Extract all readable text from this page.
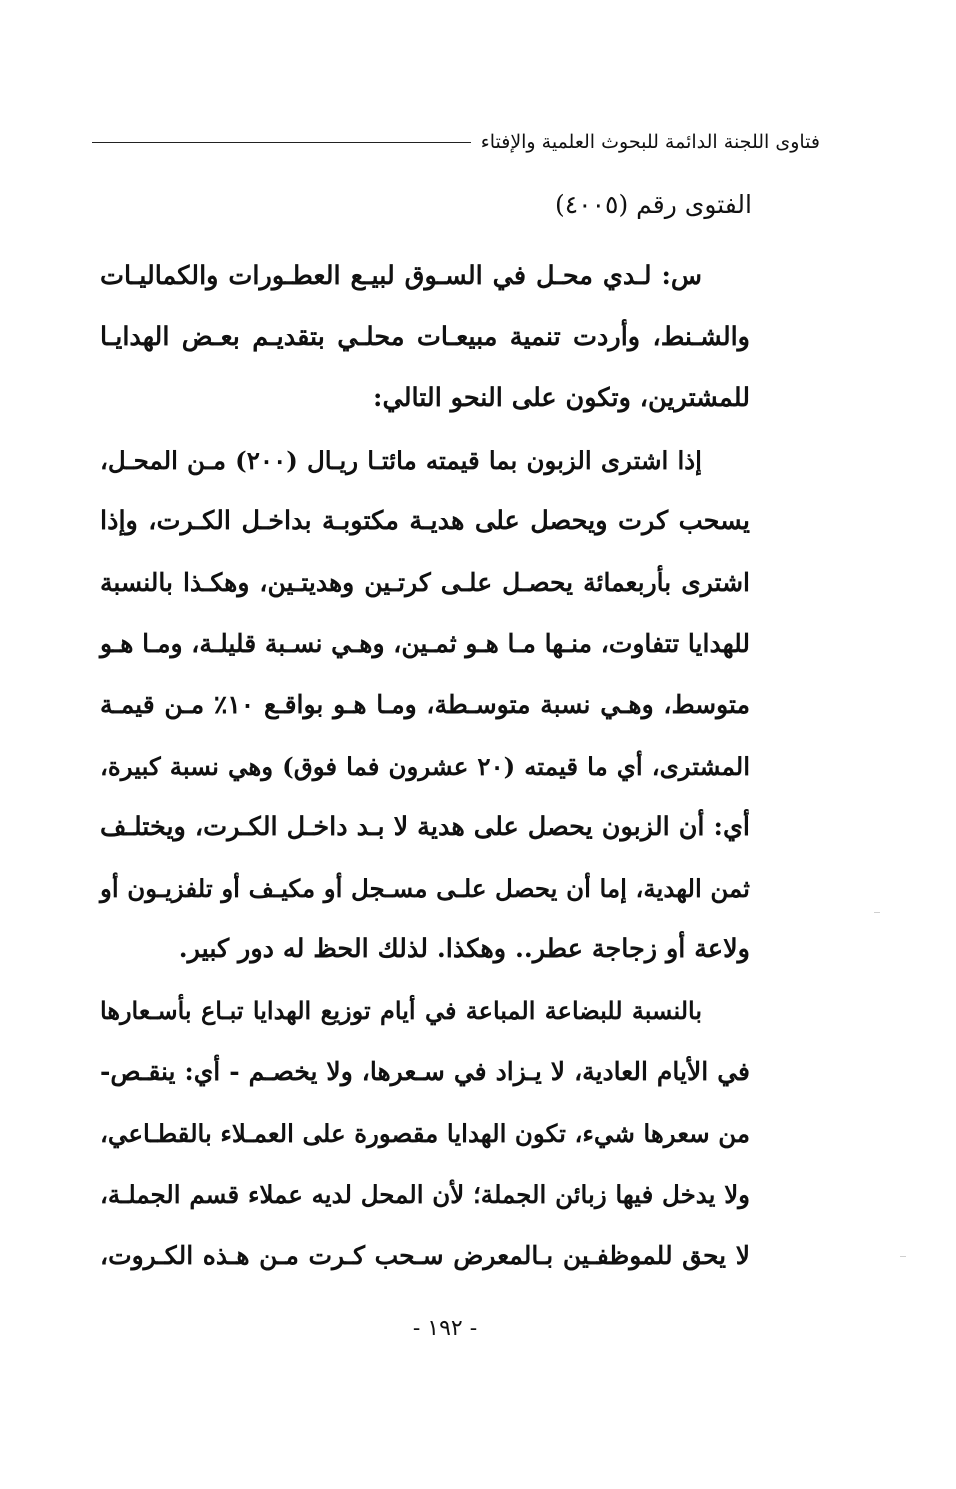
فتاوى اللجنة الدائمة للبحوث العلمية والإفتاء
الفتوى رقم (٤٠٠٥)
س: لـدي محـل في السـوق لبيـع العطـورات والكماليـات
والشـنط، وأردت تنمية مبيعـات محلـي بتقديـم بعـض الهدايـا
للمشترين، وتكون على النحو التالي:
إذا اشترى الزبون بما قيمته مائتـا ريـال (٢٠٠) مـن المحـل،
يسحب كرت ويحصل على هديـة مكتوبـة بداخـل الكـرت، وإذا
اشترى بأربعمائة يحصـل علـى كرتـين وهديتـين، وهكـذا بالنسبة
للهدايا تتفاوت، منـها مـا هـو ثمـين، وهـي نسـبة قليلـة، ومـا هـو
متوسط، وهـي نسبة متوسـطة، ومـا هـو بواقـع ١٠٪ مـن قيمـة
المشترى، أي ما قيمته (٢٠ عشرون فما فوق) وهي نسبة كبيرة،
أي: أن الزبون يحصل على هدية لا بـد داخـل الكـرت، ويختلـف
ثمن الهدية، إما أن يحصل علـى مسـجل أو مكيـف أو تلفزيـون أو
ولاعة أو زجاجة عطر.. وهكذا. لذلك الحظ له دور كبير.
بالنسبة للبضاعة المباعة في أيام توزيع الهدايا تبـاع بأسـعارها
في الأيام العادية، لا يـزاد في سـعرها، ولا يخصـم - أي: ينقـص-
من سعرها شيء، تكون الهدايا مقصورة على العمـلاء بالقطـاعي،
ولا يدخل فيها زبائن الجملة؛ لأن المحل لديه عملاء قسم الجملـة،
لا يحق للموظفـين بـالمعرض سـحب كـرت مـن هـذه الكـروت،
- ١٩٢ -
